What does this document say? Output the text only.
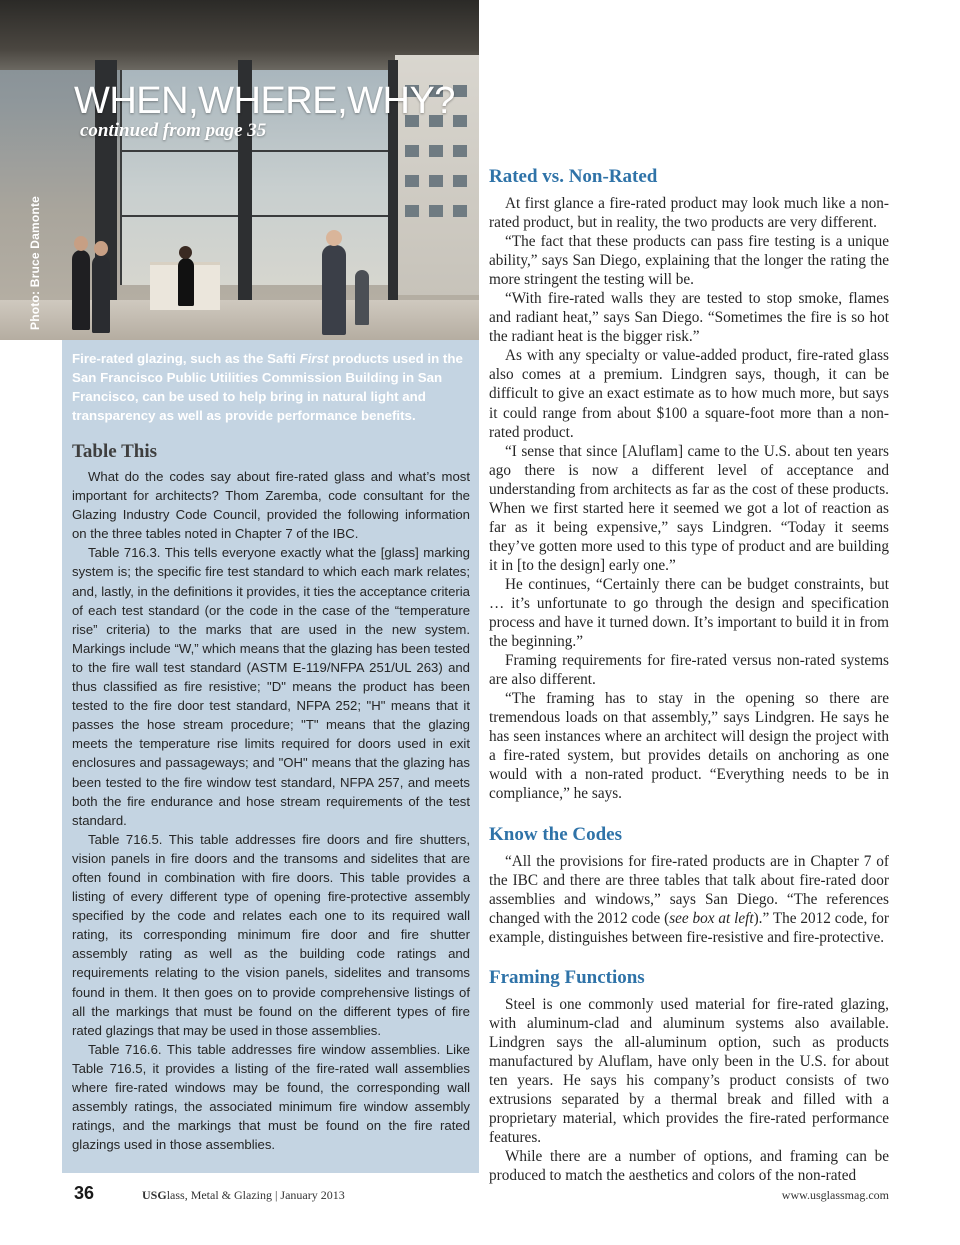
Photo: Bruce Damonte
WHEN,WHERE,WHY?
continued from page 35

Fire-rated glazing, such as the Safti First products used in the San Francisco Public Utilities Commission Building in San Francisco, can be used to help bring in natural light and transparency as well as provide performance benefits.

Table This

What do the codes say about fire-rated glass and what’s most important for architects? Thom Zaremba, code consultant for the Glazing Industry Code Council, provided the following information on the three tables noted in Chapter 7 of the IBC.

Table 716.3. This tells everyone exactly what the [glass] marking system is; the specific fire test standard to which each mark relates; and, lastly, in the definitions it provides, it ties the acceptance criteria of each test standard (or the code in the case of the “temperature rise” criteria) to the marks that are used in the new system. Markings include “W,” which means that the glazing has been tested to the fire wall test standard (ASTM E-119/NFPA 251/UL 263) and thus classified as fire resistive; "D" means the product has been tested to the fire door test standard, NFPA 252; "H" means that it passes the hose stream procedure; "T" means that the glazing meets the temperature rise limits required for doors used in exit enclosures and passageways; and "OH" means that the glazing has been tested to the fire window test standard, NFPA 257, and meets both the fire endurance and hose stream requirements of the test standard.

Table 716.5. This table addresses fire doors and fire shutters, vision panels in fire doors and the transoms and sidelites that are often found in combination with fire doors. This table provides a listing of every different type of opening fire-protective assembly specified by the code and relates each one to its required wall rating, its corresponding minimum fire door and fire shutter assembly rating as well as the building code ratings and requirements relating to the vision panels, sidelites and transoms found in them. It then goes on to provide comprehensive listings of all the markings that must be found on the different types of fire rated glazings that may be used in those assemblies.

Table 716.6. This table addresses fire window assemblies. Like Table 716.5, it provides a listing of the fire-rated wall assemblies where fire-rated windows may be found, the corresponding wall assembly ratings, the associated minimum fire window assembly ratings, and the markings that must be found on the fire rated glazings used in those assemblies.

Rated vs. Non-Rated

At first glance a fire-rated product may look much like a non-rated product, but in reality, the two products are very different.

“The fact that these products can pass fire testing is a unique ability,” says San Diego, explaining that the longer the rating the more stringent the testing will be.

“With fire-rated walls they are tested to stop smoke, flames and radiant heat,” says San Diego. “Sometimes the fire is so hot the radiant heat is the bigger risk.”

As with any specialty or value-added product, fire-rated glass also comes at a premium. Lindgren says, though, it can be difficult to give an exact estimate as to how much more, but says it could range from about $100 a square-foot more than a non-rated product.

“I sense that since [Aluflam] came to the U.S. about ten years ago there is now a different level of acceptance and understanding from architects as far as the cost of these products. When we first started here it seemed we got a lot of reaction as far as it being expensive,” says Lindgren. “Today it seems they’ve gotten more used to this type of product and are building it in [to the design] early one.”

He continues, “Certainly there can be budget constraints, but … it’s unfortunate to go through the design and specification process and have it turned down. It’s important to build it in from the beginning.”

Framing requirements for fire-rated versus non-rated systems are also different.

“The framing has to stay in the opening so there are tremendous loads on that assembly,” says Lindgren. He says he has seen instances where an architect will design the project with a fire-rated system, but provides details on anchoring as one would with a non-rated product. “Everything needs to be in compliance,” he says.

Know the Codes

“All the provisions for fire-rated products are in Chapter 7 of the IBC and there are three tables that talk about fire-rated door assemblies and windows,” says San Diego. “The references changed with the 2012 code (see box at left).” The 2012 code, for example, distinguishes between fire-resistive and fire-protective.

Framing Functions

Steel is one commonly used material for fire-rated glazing, with aluminum-clad and aluminum systems also available. Lindgren says the all-aluminum option, such as products manufactured by Aluflam, have only been in the U.S. for about ten years. He says his company’s product consists of two extrusions separated by a thermal break and filled with a proprietary material, which provides the fire-rated performance features.

While there are a number of options, and framing can be produced to match the aesthetics and colors of the non-rated

36	USGlass, Metal & Glazing | January 2013	www.usglassmag.com
